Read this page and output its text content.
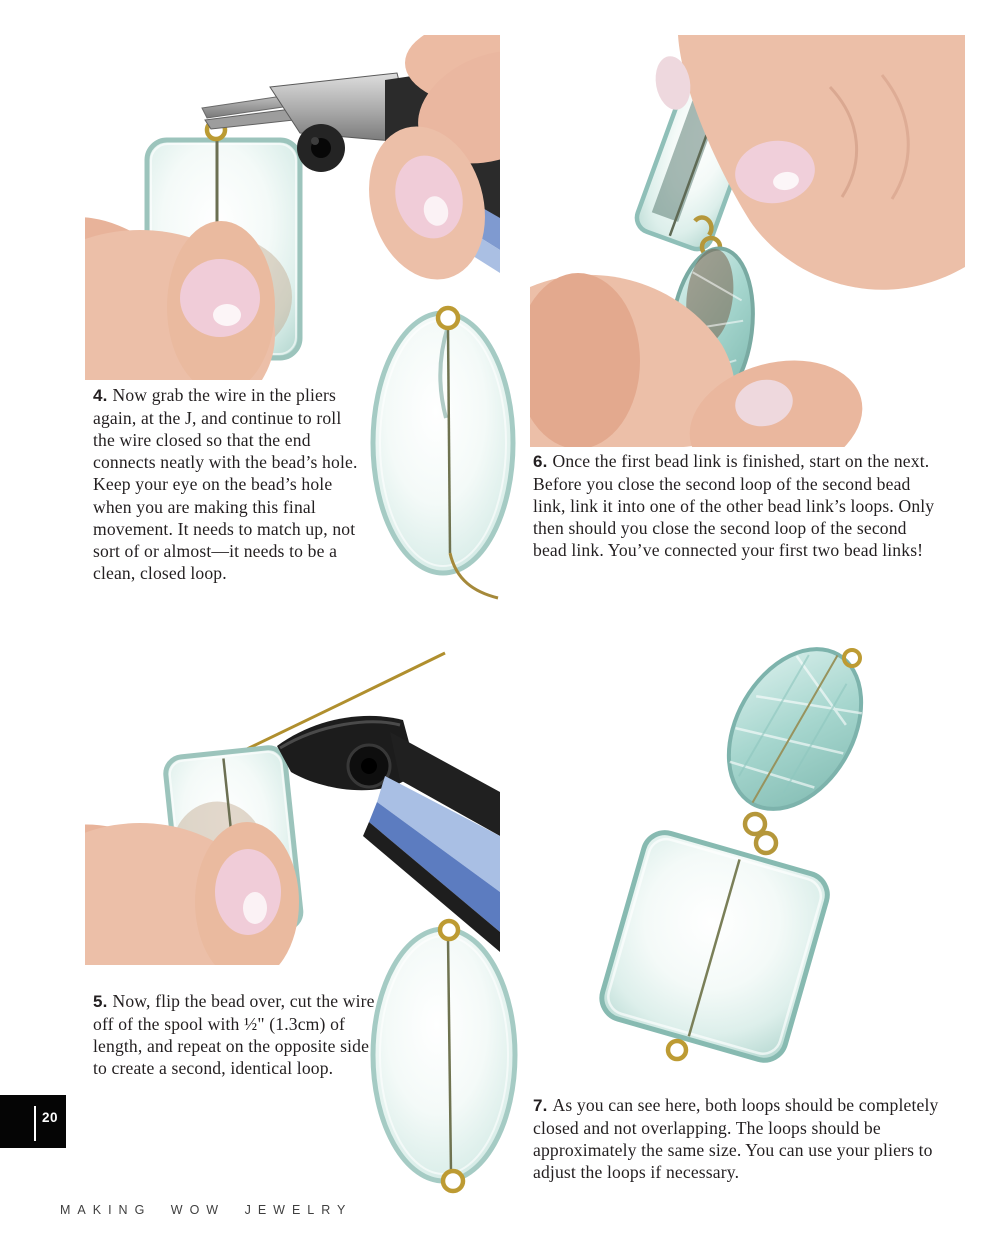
4. Now grab the wire in the pliers again, at the J, and continue to roll the wire closed so that the end connects neatly with the bead’s hole. Keep your eye on the bead’s hole when you are making this final movement. It needs to match up, not sort of or almost—it needs to be a clean, closed loop.

6. Once the first bead link is finished, start on the next. Before you close the second loop of the second bead link, link it into one of the other bead link’s loops. Only then should you close the second loop of the second bead link. You’ve connected your first two bead links!

5. Now, flip the bead over, cut the wire off of the spool with ½" (1.3cm) of length, and repeat on the opposite side to create a second, identical loop.

7. As you can see here, both loops should be completely closed and not overlapping. The loops should be approximately the same size. You can use your pliers to adjust the loops if necessary.

20
MAKING WOW JEWELRY
